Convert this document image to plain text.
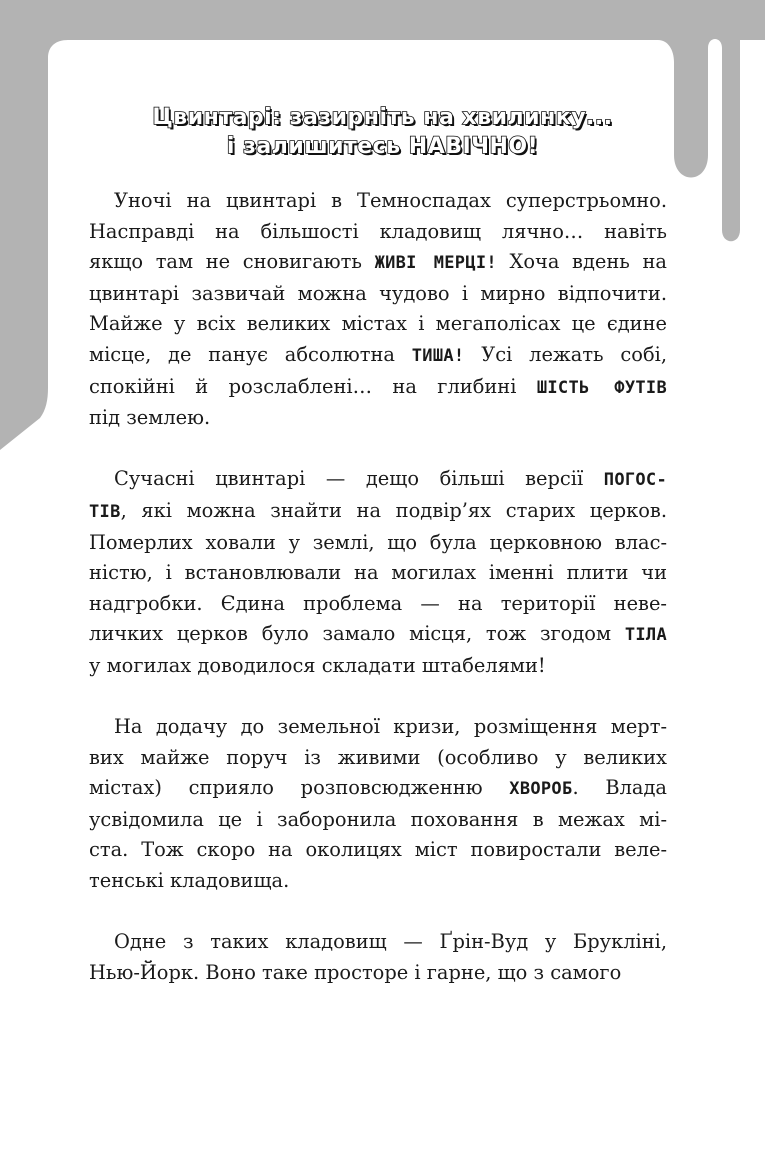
Цвинтарі: зазирніть на хвилинку...
і залишитесь НАВІЧНО!
Уночі на цвинтарі в Темноспадах суперстрьомно.
Насправді на більшості кладовищ лячно… навіть
якщо там не сновигають ЖИВІ МЕРЦІ! Хоча вдень на
цвинтарі зазвичай можна чудово і мирно відпочити.
Майже у всіх великих містах і мегаполісах це єдине
місце, де панує абсолютна ТИША! Усі лежать собі,
спокійні й розслаблені… на глибині ШІСТЬ ФУТІВ
під землею.
Сучасні цвинтарі — дещо більші версії ПОГОС-
ТІВ, які можна знайти на подвір’ях старих церков.
Померлих ховали у землі, що була церковною влас-
ністю, і встановлювали на могилах іменні плити чи
надгробки. Єдина проблема — на території неве-
личких церков було замало місця, тож згодом ТІЛА
у могилах доводилося складати штабелями!
На додачу до земельної кризи, розміщення мерт-
вих майже поруч із живими (особливо у великих
містах) сприяло розповсюдженню ХВОРОБ. Влада
усвідомила це і заборонила поховання в межах мі-
ста. Тож скоро на околицях міст повиростали веле-
тенські кладовища.
Одне з таких кладовищ — Ґрін-Вуд у Брукліні,
Нью-Йорк. Воно таке просторе і гарне, що з самого
